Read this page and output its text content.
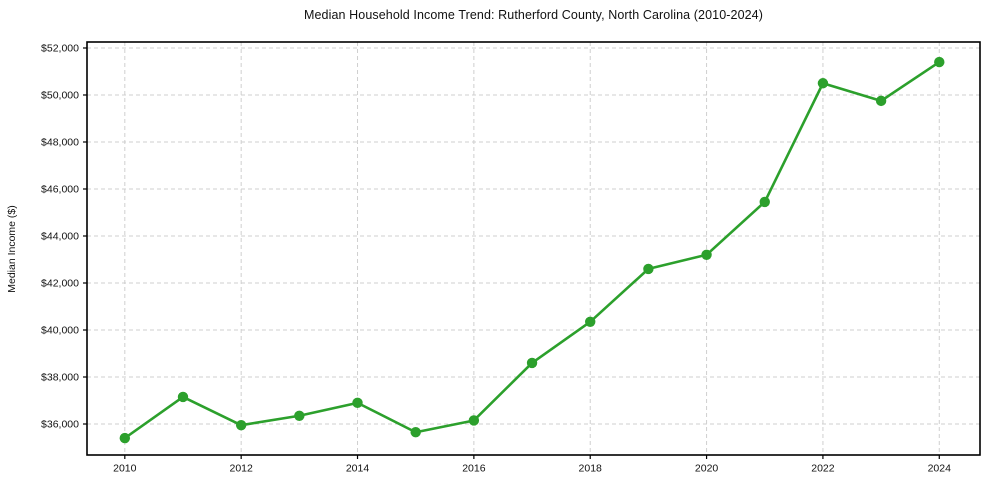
Median Household Income Trend: Rutherford County, North Carolina (2010-2024)
Median Income ($)
2010	2012	2014	2016	2018	2020	2022	2024
$36,000
$38,000
$40,000
$42,000
$44,000
$46,000
$48,000
$50,000
$52,000
